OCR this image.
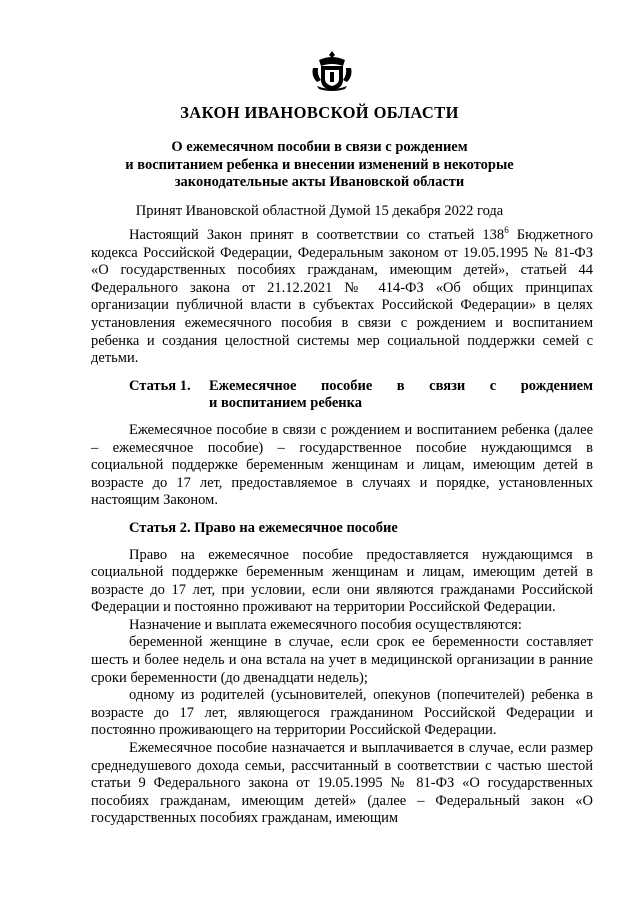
ЗАКОН ИВАНОВСКОЙ ОБЛАСТИ
О ежемесячном пособии в связи с рождением
и воспитанием ребенка и внесении изменений в некоторые
законодательные акты Ивановской области
Принят Ивановской областной Думой 15 декабря 2022 года

Настоящий Закон принят в соответствии со статьей $138^6$ Бюджетного кодекса Российской Федерации, Федеральным законом от 19.05.1995 № 81-ФЗ «О государственных пособиях гражданам, имеющим детей», статьей 44 Федерального закона от 21.12.2021 № 414-ФЗ «Об общих принципах организации публичной власти в субъектах Российской Федерации» в целях установления ежемесячного пособия в связи с рождением и воспитанием ребенка и создания целостной системы мер социальной поддержки семей с детьми.

Статья 1.	Ежемесячное пособие в связи с рождением
и воспитанием ребенка

Ежемесячное пособие в связи с рождением и воспитанием ребенка (далее – ежемесячное пособие) – государственное пособие нуждающимся в социальной поддержке беременным женщинам и лицам, имеющим детей в возрасте до 17 лет, предоставляемое в случаях и порядке, установленных настоящим Законом.

Статья 2. Право на ежемесячное пособие

Право на ежемесячное пособие предоставляется нуждающимся в социальной поддержке беременным женщинам и лицам, имеющим детей в возрасте до 17 лет, при условии, если они являются гражданами Российской Федерации и постоянно проживают на территории Российской Федерации.

Назначение и выплата ежемесячного пособия осуществляются:

беременной женщине в случае, если срок ее беременности составляет шесть и более недель и она встала на учет в медицинской организации в ранние сроки беременности (до двенадцати недель);

одному из родителей (усыновителей, опекунов (попечителей) ребенка в возрасте до 17 лет, являющегося гражданином Российской Федерации и постоянно проживающего на территории Российской Федерации.

Ежемесячное пособие назначается и выплачивается в случае, если размер среднедушевого дохода семьи, рассчитанный в соответствии с частью шестой статьи 9 Федерального закона от 19.05.1995 № 81-ФЗ «О государственных пособиях гражданам, имеющим детей» (далее – Федеральный закон «О государственных пособиях гражданам, имеющим
